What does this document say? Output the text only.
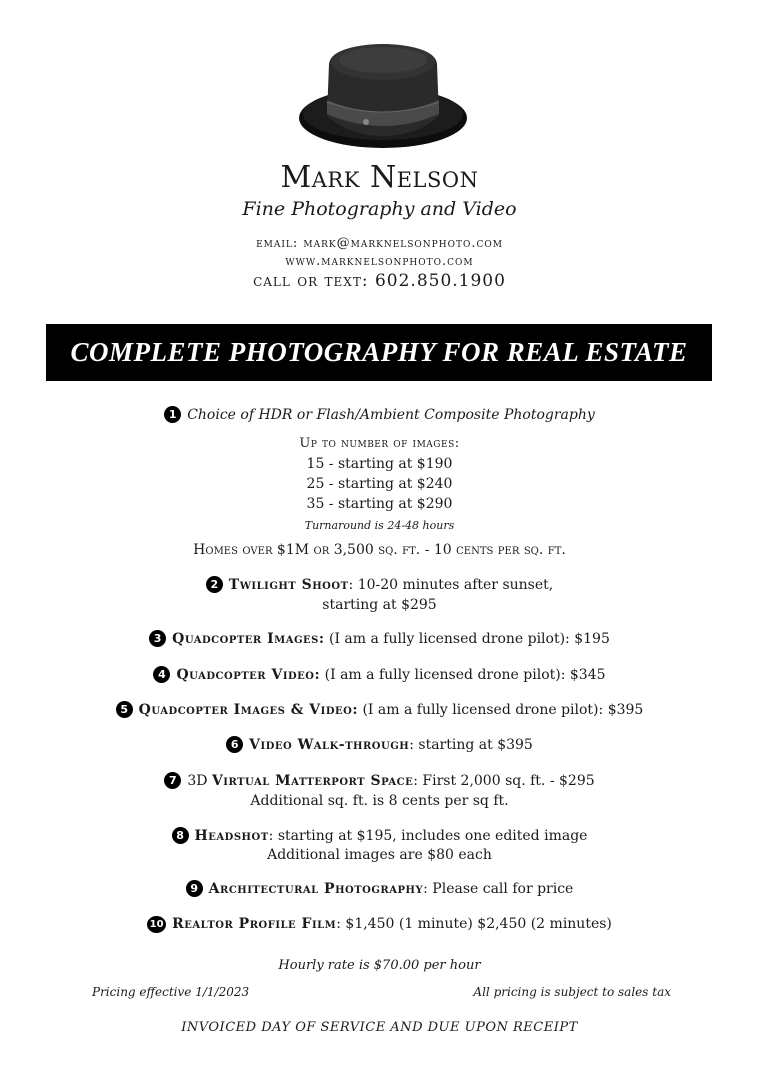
Mark Nelson
Fine Photography and Video
email: mark@marknelsonphoto.com
www.marknelsonphoto.com
call or text: 602.850.1900
COMPLETE PHOTOGRAPHY FOR REAL ESTATE
1 Choice of HDR or Flash/Ambient Composite Photography
Up to number of images:
15 - starting at $190
25 - starting at $240
35 - starting at $290
Turnaround is 24-48 hours
Homes over $1M or 3,500 sq. ft. - 10 cents per sq. ft.
2 Twilight Shoot: 10-20 minutes after sunset,
starting at $295
3 Quadcopter Images: (I am a fully licensed drone pilot): $195
4 Quadcopter Video: (I am a fully licensed drone pilot): $345
5 Quadcopter Images & Video: (I am a fully licensed drone pilot): $395
6 Video Walk-through: starting at $395
7 3D Virtual Matterport Space: First 2,000 sq. ft. - $295
Additional sq. ft. is 8 cents per sq ft.
8 Headshot: starting at $195, includes one edited image
Additional images are $80 each
9 Architectural Photography: Please call for price
10 Realtor Profile Film: $1,450 (1 minute) $2,450 (2 minutes)
Hourly rate is $70.00 per hour
Pricing effective 1/1/2023	All pricing is subject to sales tax
INVOICED DAY OF SERVICE AND DUE UPON RECEIPT
